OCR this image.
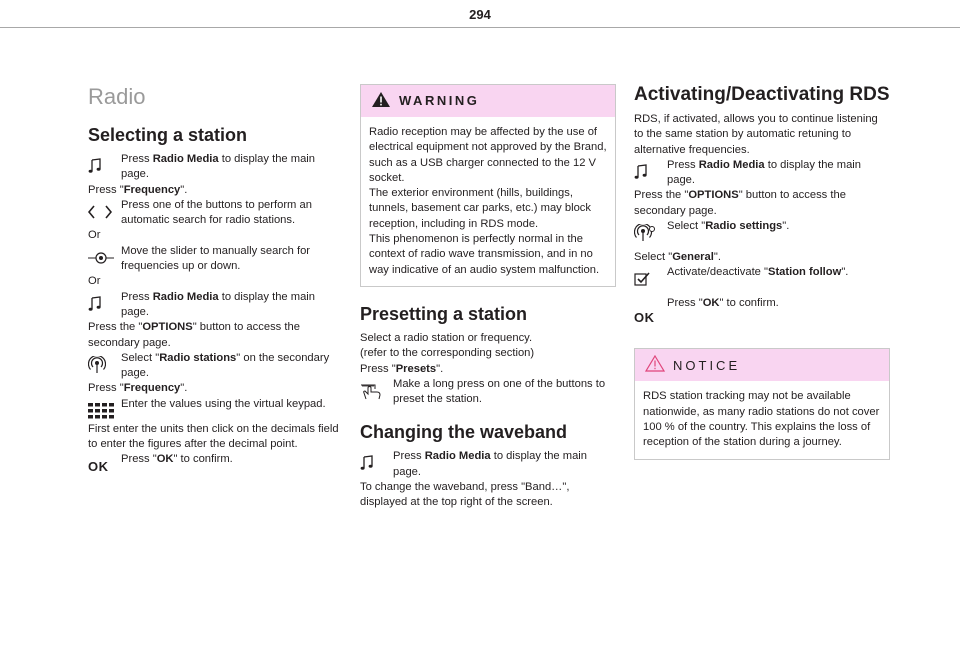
294
Radio
Selecting a station
Press Radio Media to display the main page.
Press "Frequency".
Press one of the buttons to perform an automatic search for radio stations.
Or
Move the slider to manually search for frequencies up or down.
Or
Press Radio Media to display the main page.
Press the "OPTIONS" button to access the secondary page.
Select "Radio stations" on the secondary page.
Press "Frequency".
Enter the values using the virtual keypad.
First enter the units then click on the decimals field to enter the figures after the decimal point.
OK Press "OK" to confirm.
WARNING
Radio reception may be affected by the use of electrical equipment not approved by the Brand, such as a USB charger connected to the 12 V socket.
The exterior environment (hills, buildings, tunnels, basement car parks, etc.) may block reception, including in RDS mode.
This phenomenon is perfectly normal in the context of radio wave transmission, and in no way indicative of an audio system malfunction.
Presetting a station
Select a radio station or frequency.
(refer to the corresponding section)
Press "Presets".
Make a long press on one of the buttons to preset the station.
Changing the waveband
Press Radio Media to display the main page.
To change the waveband, press "Band…", displayed at the top right of the screen.
Activating/Deactivating RDS
RDS, if activated, allows you to continue listening to the same station by automatic retuning to alternative frequencies.
Press Radio Media to display the main page.
Press the "OPTIONS" button to access the secondary page.
Select "Radio settings".
Select "General".
Activate/deactivate "Station follow".
OK
Press "OK" to confirm.
NOTICE
RDS station tracking may not be available nationwide, as many radio stations do not cover 100 % of the country. This explains the loss of reception of the station during a journey.
